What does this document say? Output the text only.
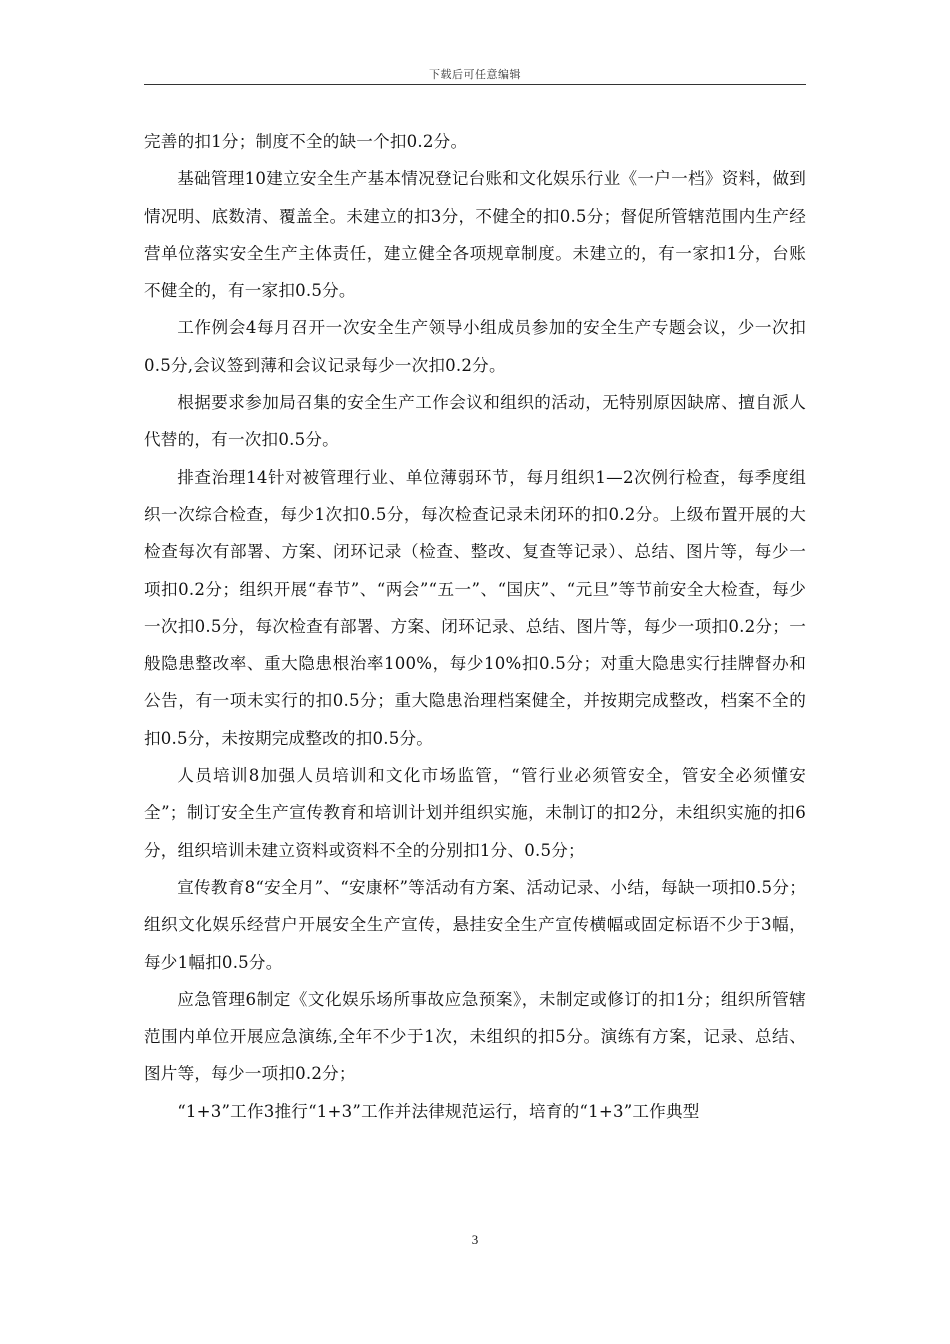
下载后可任意编辑

完善的扣1分；制度不全的缺一个扣0.2分。

基础管理10建立安全生产基本情况登记台账和文化娱乐行业《一户一档》资料，做到情况明、底数清、覆盖全。未建立的扣3分，不健全的扣0.5分；督促所管辖范围内生产经营单位落实安全生产主体责任，建立健全各项规章制度。未建立的，有一家扣1分，台账不健全的，有一家扣0.5分。

工作例会4每月召开一次安全生产领导小组成员参加的安全生产专题会议，少一次扣0.5分,会议签到薄和会议记录每少一次扣0.2分。

根据要求参加局召集的安全生产工作会议和组织的活动，无特别原因缺席、擅自派人代替的，有一次扣0.5分。

排查治理14针对被管理行业、单位薄弱环节，每月组织1—2次例行检查，每季度组织一次综合检查，每少1次扣0.5分，每次检查记录未闭环的扣0.2分。上级布置开展的大检查每次有部署、方案、闭环记录（检查、整改、复查等记录）、总结、图片等，每少一项扣0.2分；组织开展“春节”、“两会”“五一”、“国庆”、“元旦”等节前安全大检查，每少一次扣0.5分，每次检查有部署、方案、闭环记录、总结、图片等，每少一项扣0.2分；一般隐患整改率、重大隐患根治率100%，每少10%扣0.5分；对重大隐患实行挂牌督办和公告，有一项未实行的扣0.5分；重大隐患治理档案健全，并按期完成整改，档案不全的扣0.5分，未按期完成整改的扣0.5分。

人员培训8加强人员培训和文化市场监管，“管行业必须管安全，管安全必须懂安全”；制订安全生产宣传教育和培训计划并组织实施，未制订的扣2分，未组织实施的扣6分，组织培训未建立资料或资料不全的分别扣1分、0.5分；

宣传教育8“安全月”、“安康杯”等活动有方案、活动记录、小结，每缺一项扣0.5分；组织文化娱乐经营户开展安全生产宣传，悬挂安全生产宣传横幅或固定标语不少于3幅，每少1幅扣0.5分。

应急管理6制定《文化娱乐场所事故应急预案》，未制定或修订的扣1分；组织所管辖范围内单位开展应急演练,全年不少于1次，未组织的扣5分。演练有方案，记录、总结、图片等，每少一项扣0.2分；

“1+3”工作3推行“1+3”工作并法律规范运行，培育的“1+3”工作典型

3
